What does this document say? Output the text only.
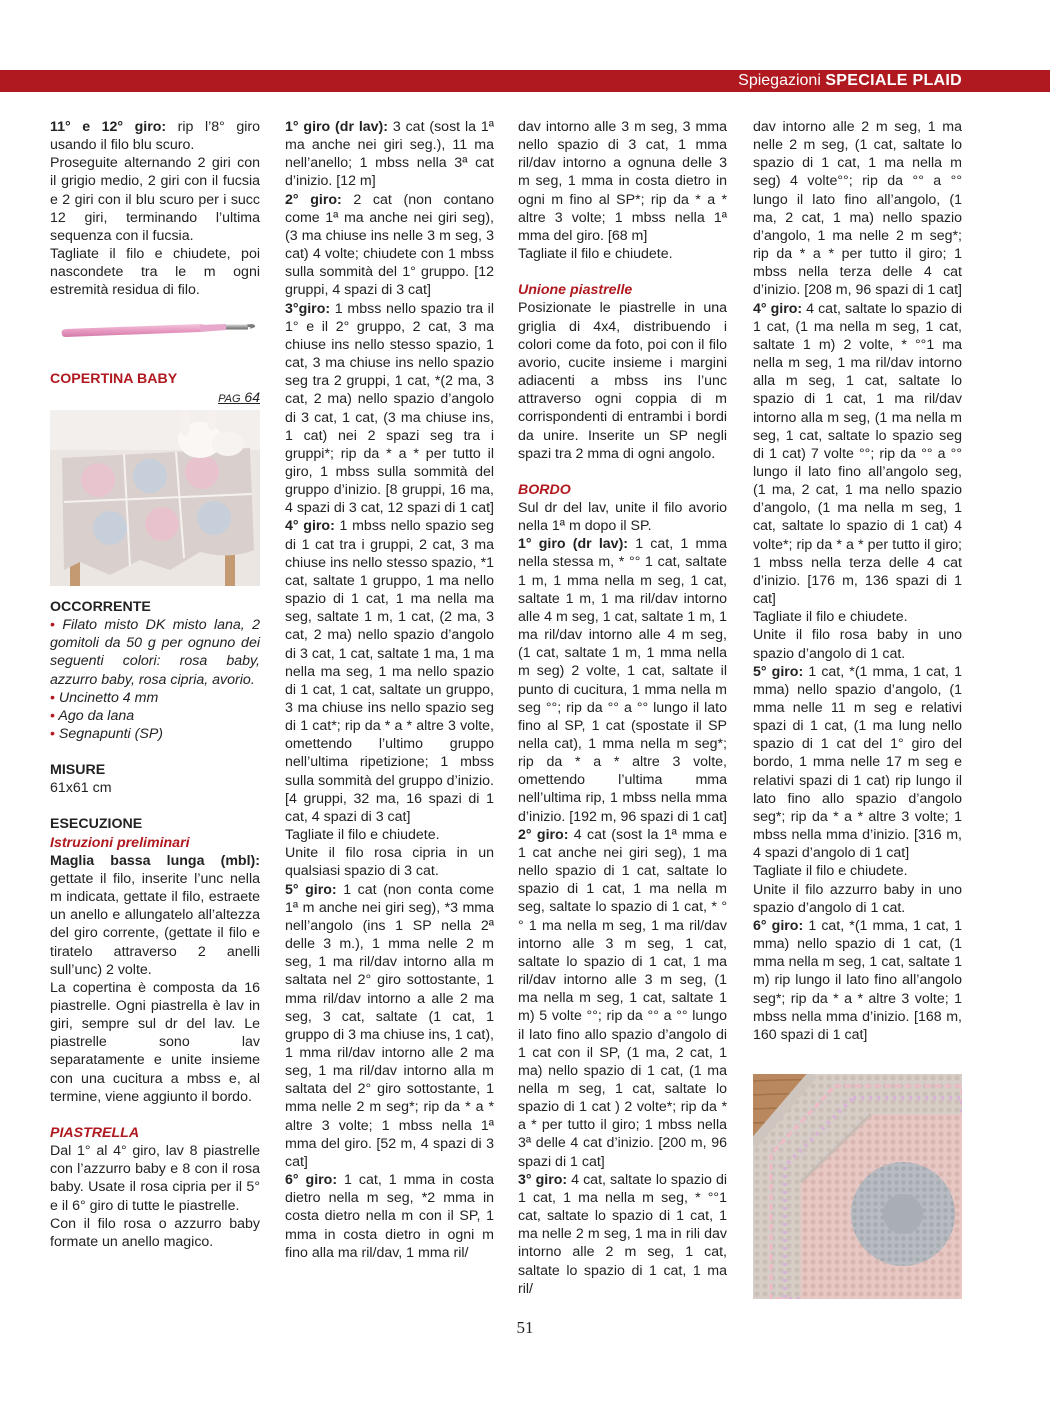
Spiegazioni SPECIALE PLAID

11° e 12° giro: rip l’8° giro usando il filo blu scuro.

Proseguite alternando 2 giri con il grigio medio, 2 giri con il fucsia e 2 giri con il blu scuro per i succ 12 giri, terminando l’ultima sequenza con il fucsia.

Tagliate il filo e chiudete, poi nascondete tra le m ogni estremità residua di filo.

COPERTINA BABY

PAG 64

OCCORRENTE

• Filato misto DK misto lana, 2 gomitoli da 50 g per ognuno dei seguenti colori: rosa baby, azzurro baby, rosa cipria, avorio.

• Uncinetto 4 mm

• Ago da lana

• Segnapunti (SP)

MISURE

61x61 cm

ESECUZIONE

Istruzioni preliminari

Maglia bassa lunga (mbl): gettate il filo, inserite l’unc nella m indicata, gettate il filo, estraete un anello e allungatelo all’altezza del giro corrente, (gettate il filo e tiratelo attraverso 2 anelli sull’unc) 2 volte.

La copertina è composta da 16 piastrelle. Ogni piastrella è lav in giri, sempre sul dr del lav. Le piastrelle sono lav separatamente e unite insieme con una cucitura a mbss e, al termine, viene aggiunto il bordo.

PIASTRELLA

Dal 1° al 4° giro, lav 8 piastrelle con l’azzurro baby e 8 con il rosa baby. Usate il rosa cipria per il 5° e il 6° giro di tutte le piastrelle.

Con il filo rosa o azzurro baby formate un anello magico.

1° giro (dr lav): 3 cat (sost la 1ª ma anche nei giri seg.), 11 ma nell’anello; 1 mbss nella 3ª cat d’inizio. [12 m]

2° giro: 2 cat (non contano come 1ª ma anche nei giri seg), (3 ma chiuse ins nelle 3 m seg, 3 cat) 4 volte; chiudete con 1 mbss sulla sommità del 1° gruppo. [12 gruppi, 4 spazi di 3 cat]

3°giro: 1 mbss nello spazio tra il 1° e il 2° gruppo, 2 cat, 3 ma chiuse ins nello stesso spazio, 1 cat, 3 ma chiuse ins nello spazio seg tra 2 gruppi, 1 cat, *(2 ma, 3 cat, 2 ma) nello spazio d’angolo di 3 cat, 1 cat, (3 ma chiuse ins, 1 cat) nei 2 spazi seg tra i gruppi*; rip da * a * per tutto il giro, 1 mbss sulla sommità del gruppo d’inizio. [8 gruppi, 16 ma, 4 spazi di 3 cat, 12 spazi di 1 cat]

4° giro: 1 mbss nello spazio seg di 1 cat tra i gruppi, 2 cat, 3 ma chiuse ins nello stesso spazio, *1 cat, saltate 1 gruppo, 1 ma nello spazio di 1 cat, 1 ma nella ma seg, saltate 1 m, 1 cat, (2 ma, 3 cat, 2 ma) nello spazio d’angolo di 3 cat, 1 cat, saltate 1 ma, 1 ma nella ma seg, 1 ma nello spazio di 1 cat, 1 cat, saltate un gruppo, 3 ma chiuse ins nello spazio seg di 1 cat*; rip da * a * altre 3 volte, omettendo l’ultimo gruppo nell’ultima ripetizione; 1 mbss sulla sommità del gruppo d’inizio. [4 gruppi, 32 ma, 16 spazi di 1 cat, 4 spazi di 3 cat]

Tagliate il filo e chiudete.

Unite il filo rosa cipria in un qualsiasi spazio di 3 cat.

5° giro: 1 cat (non conta come 1ª m anche nei giri seg), *3 mma nell’angolo (ins 1 SP nella 2ª delle 3 m.), 1 mma nelle 2 m seg, 1 ma ril/dav intorno alla m saltata nel 2° giro sottostante, 1 mma ril/dav intorno a alle 2 ma seg, 3 cat, saltate (1 cat, 1 gruppo di 3 ma chiuse ins, 1 cat), 1 mma ril/dav intorno alle 2 ma seg, 1 ma ril/dav intorno alla m saltata del 2° giro sottostante, 1 mma nelle 2 m seg*; rip da * a * altre 3 volte; 1 mbss nella 1ª mma del giro. [52 m, 4 spazi di 3 cat]

6° giro: 1 cat, 1 mma in costa dietro nella m seg, *2 mma in costa dietro nella m con il SP, 1 mma in costa dietro in ogni m fino alla ma ril/dav, 1 mma ril/

dav intorno alle 3 m seg, 3 mma nello spazio di 3 cat, 1 mma ril/dav intorno a ognuna delle 3 m seg, 1 mma in costa dietro in ogni m fino al SP*; rip da * a * altre 3 volte; 1 mbss nella 1ª mma del giro. [68 m]

Tagliate il filo e chiudete.

Unione piastrelle

Posizionate le piastrelle in una griglia di 4x4, distribuendo i colori come da foto, poi con il filo avorio, cucite insieme i margini adiacenti a mbss ins l’unc attraverso ogni coppia di m corrispondenti di entrambi i bordi da unire. Inserite un SP negli spazi tra 2 mma di ogni angolo.

BORDO

Sul dr del lav, unite il filo avorio nella 1ª m dopo il SP.

1° giro (dr lav): 1 cat, 1 mma nella stessa m, * °° 1 cat, saltate 1 m, 1 mma nella m seg, 1 cat, saltate 1 m, 1 ma ril/dav intorno alle 4 m seg, 1 cat, saltate 1 m, 1 ma ril/dav intorno alle 4 m seg, (1 cat, saltate 1 m, 1 mma nella m seg) 2 volte, 1 cat, saltate il punto di cucitura, 1 mma nella m seg °°; rip da °° a °° lungo il lato fino al SP, 1 cat (spostate il SP nella cat), 1 mma nella m seg*; rip da * a * altre 3 volte, omettendo l’ultima mma nell’ultima rip, 1 mbss nella mma d’inizio. [192 m, 96 spazi di 1 cat]

2° giro: 4 cat (sost la 1ª mma e 1 cat anche nei giri seg), 1 ma nello spazio di 1 cat, saltate lo spazio di 1 cat, 1 ma nella m seg, saltate lo spazio di 1 cat, * °° 1 ma nella m seg, 1 ma ril/dav intorno alle 3 m seg, 1 cat, saltate lo spazio di 1 cat, 1 ma ril/dav intorno alle 3 m seg, (1 ma nella m seg, 1 cat, saltate 1 m) 5 volte °°; rip da °° a °° lungo il lato fino allo spazio d’angolo di 1 cat con il SP, (1 ma, 2 cat, 1 ma) nello spazio di 1 cat, (1 ma nella m seg, 1 cat, saltate lo spazio di 1 cat ) 2 volte*; rip da * a * per tutto il giro; 1 mbss nella 3ª delle 4 cat d’inizio. [200 m, 96 spazi di 1 cat]

3° giro: 4 cat, saltate lo spazio di 1 cat, 1 ma nella m seg, * °°1 cat, saltate lo spazio di 1 cat, 1 ma nelle 2 m seg, 1 ma in rili dav intorno alle 2 m seg, 1 cat, saltate lo spazio di 1 cat, 1 ma ril/

dav intorno alle 2 m seg, 1 ma nelle 2 m seg, (1 cat, saltate lo spazio di 1 cat, 1 ma nella m seg) 4 volte°°; rip da °° a °° lungo il lato fino all’angolo, (1 ma, 2 cat, 1 ma) nello spazio d’angolo, 1 ma nelle 2 m seg*; rip da * a * per tutto il giro; 1 mbss nella terza delle 4 cat d’inizio. [208 m, 96 spazi di 1 cat]

4° giro: 4 cat, saltate lo spazio di 1 cat, (1 ma nella m seg, 1 cat, saltate 1 m) 2 volte, * °°1 ma nella m seg, 1 ma ril/dav intorno alla m seg, 1 cat, saltate lo spazio di 1 cat, 1 ma ril/dav intorno alla m seg, (1 ma nella m seg, 1 cat, saltate lo spazio seg di 1 cat) 7 volte °°; rip da °° a °° lungo il lato fino all’angolo seg, (1 ma, 2 cat, 1 ma nello spazio d’angolo, (1 ma nella m seg, 1 cat, saltate lo spazio di 1 cat) 4 volte*; rip da * a * per tutto il giro; 1 mbss nella terza delle 4 cat d’inizio. [176 m, 136 spazi di 1 cat]

Tagliate il filo e chiudete.

Unite il filo rosa baby in uno spazio d’angolo di 1 cat.

5° giro: 1 cat, *(1 mma, 1 cat, 1 mma) nello spazio d’angolo, (1 mma nelle 11 m seg e relativi spazi di 1 cat, (1 ma lung nello spazio di 1 cat del 1° giro del bordo, 1 mma nelle 17 m seg e relativi spazi di 1 cat) rip lungo il lato fino allo spazio d’angolo seg*; rip da * a * altre 3 volte; 1 mbss nella mma d’inizio. [316 m, 4 spazi d’angolo di 1 cat]

Tagliate il filo e chiudete.

Unite il filo azzurro baby in uno spazio d’angolo di 1 cat.

6° giro: 1 cat, *(1 mma, 1 cat, 1 mma) nello spazio di 1 cat, (1 mma nella m seg, 1 cat, saltate 1 m) rip lungo il lato fino all’angolo seg*; rip da * a * altre 3 volte; 1 mbss nella mma d’inizio. [168 m, 160 spazi di 1 cat]

51
